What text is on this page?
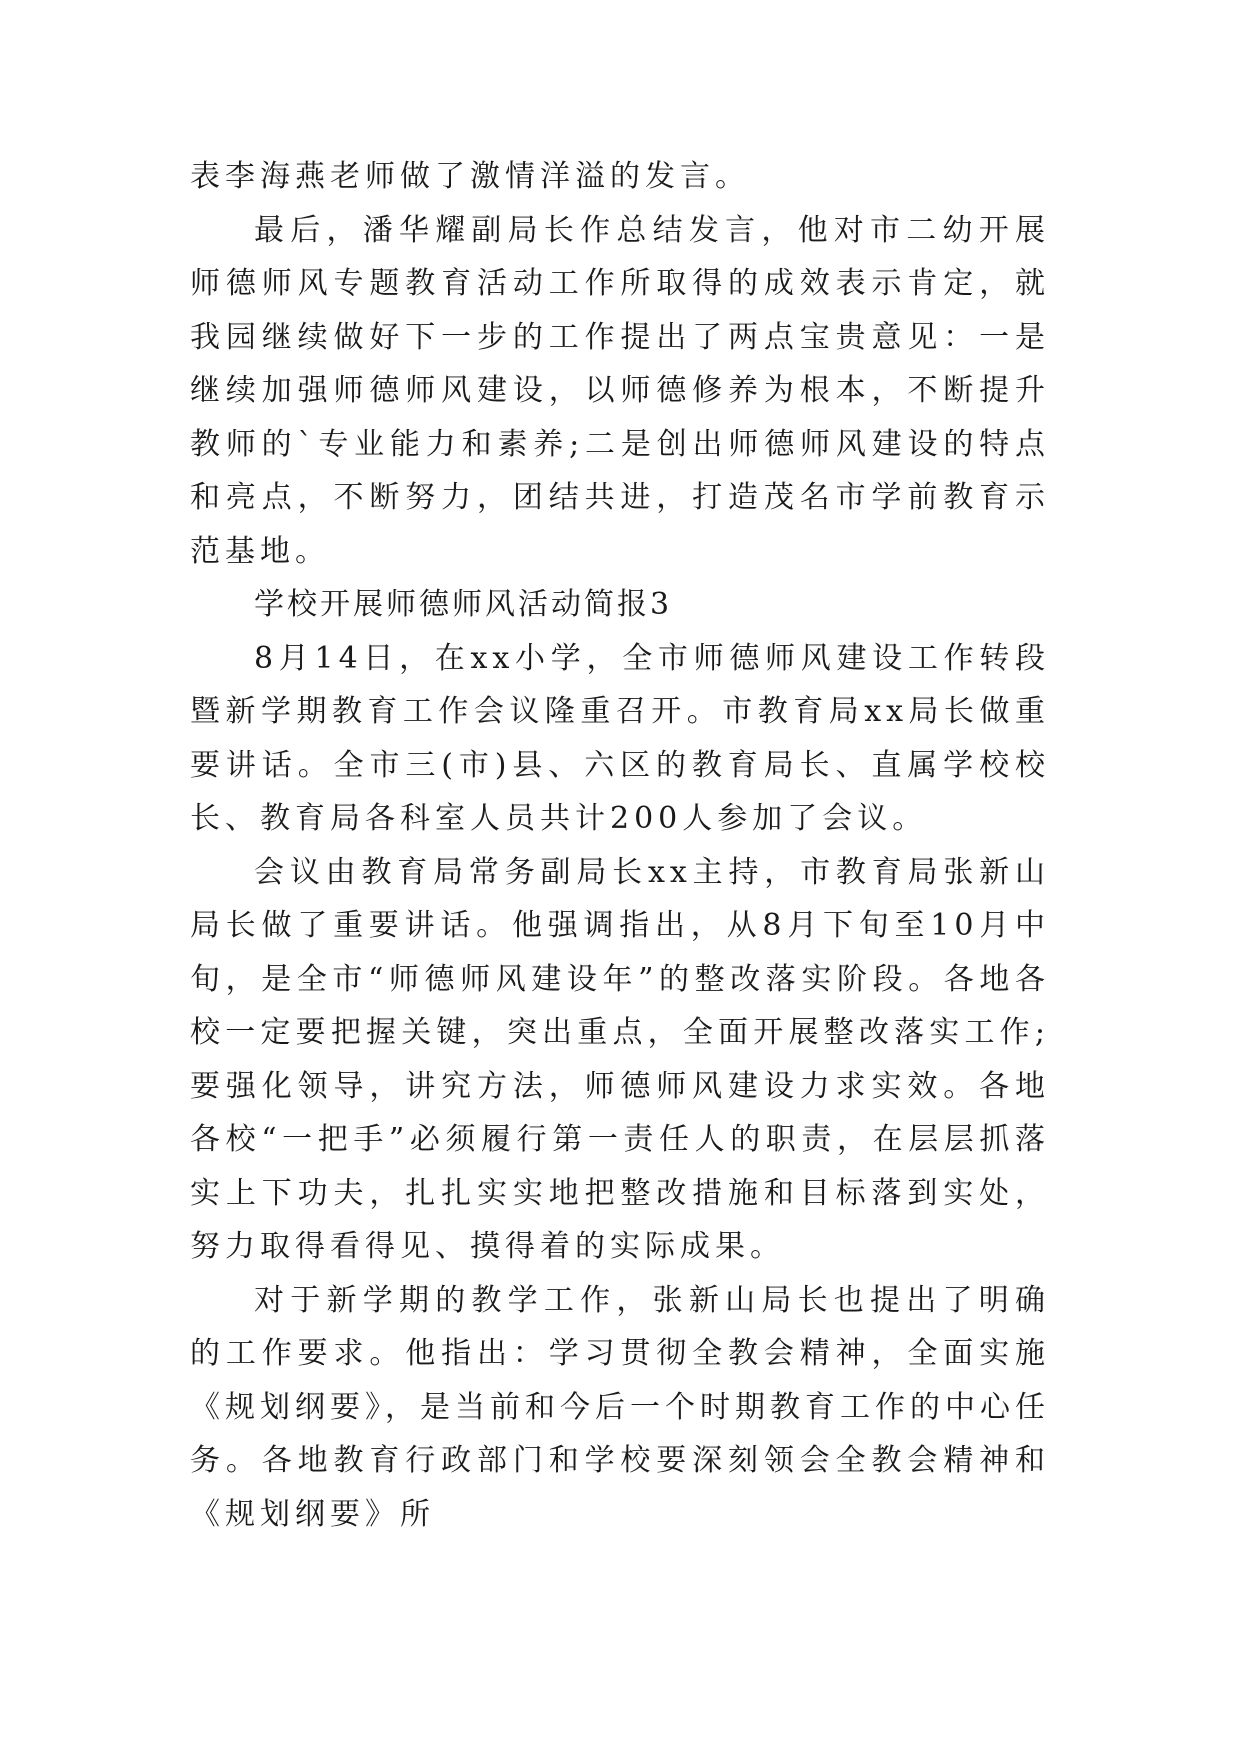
表李海燕老师做了激情洋溢的发言。

最后，潘华耀副局长作总结发言，他对市二幼开展师德师风专题教育活动工作所取得的成效表示肯定，就我园继续做好下一步的工作提出了两点宝贵意见：一是继续加强师德师风建设，以师德修养为根本，不断提升教师的`专业能力和素养;二是创出师德师风建设的特点和亮点，不断努力，团结共进，打造茂名市学前教育示范基地。

学校开展师德师风活动简报3

8月14日，在xx小学，全市师德师风建设工作转段暨新学期教育工作会议隆重召开。市教育局xx局长做重要讲话。全市三(市)县、六区的教育局长、直属学校校长、教育局各科室人员共计200人参加了会议。

会议由教育局常务副局长xx主持，市教育局张新山局长做了重要讲话。他强调指出，从8月下旬至10月中旬，是全市“师德师风建设年”的整改落实阶段。各地各校一定要把握关键，突出重点，全面开展整改落实工作;要强化领导，讲究方法，师德师风建设力求实效。各地各校“一把手”必须履行第一责任人的职责，在层层抓落实上下功夫，扎扎实实地把整改措施和目标落到实处，努力取得看得见、摸得着的实际成果。

对于新学期的教学工作，张新山局长也提出了明确的工作要求。他指出：学习贯彻全教会精神，全面实施《规划纲要》，是当前和今后一个时期教育工作的中心任务。各地教育行政部门和学校要深刻领会全教会精神和《规划纲要》所
